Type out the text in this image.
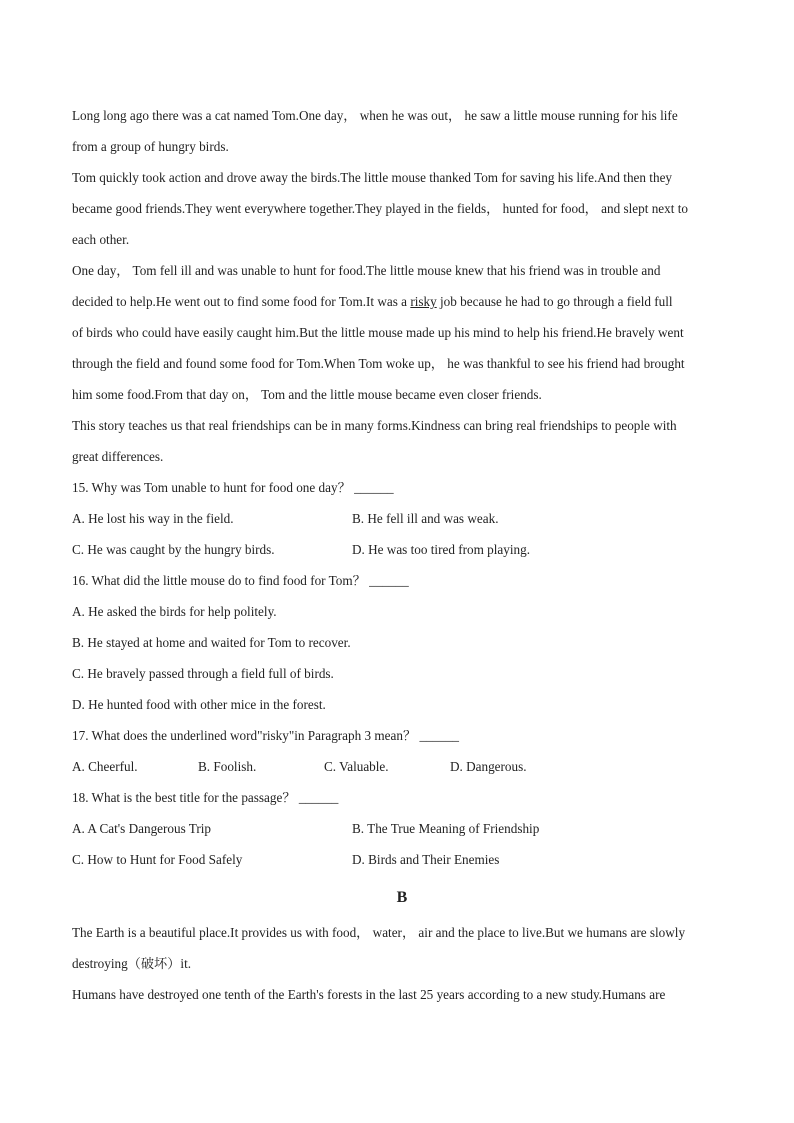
Long long ago there was a cat named Tom.One day， when he was out， he saw a little mouse running for his life
from a group of hungry birds.
Tom quickly took action and drove away the birds.The little mouse thanked Tom for saving his life.And then they
became good friends.They went everywhere together.They played in the fields， hunted for food， and slept next to
each other.
One day， Tom fell ill and was unable to hunt for food.The little mouse knew that his friend was in trouble and
decided to help.He went out to find some food for Tom.It was a risky job because he had to go through a field full
of birds who could have easily caught him.But the little mouse made up his mind to help his friend.He bravely went
through the field and found some food for Tom.When Tom woke up， he was thankful to see his friend had brought
him some food.From that day on， Tom and the little mouse became even closer friends.
This story teaches us that real friendships can be in many forms.Kindness can bring real friendships to people with
great differences.
15. Why was Tom unable to hunt for food one day？ ______
A. He lost his way in the field.	B. He fell ill and was weak.
C. He was caught by the hungry birds.	D. He was too tired from playing.
16. What did the little mouse do to find food for Tom？ ______
A. He asked the birds for help politely.
B. He stayed at home and waited for Tom to recover.
C. He bravely passed through a field full of birds.
D. He hunted food with other mice in the forest.
17. What does the underlined word"risky"in Paragraph 3 mean？ ______
A. Cheerful.	B. Foolish.	C. Valuable.	D. Dangerous.
18. What is the best title for the passage？ ______
A. A Cat's Dangerous Trip	B. The True Meaning of Friendship
C. How to Hunt for Food Safely	D. Birds and Their Enemies
B
The Earth is a beautiful place.It provides us with food， water， air and the place to live.But we humans are slowly
destroying（破坏）it.
Humans have destroyed one tenth of the Earth's forests in the last 25 years according to a new study.Humans are
